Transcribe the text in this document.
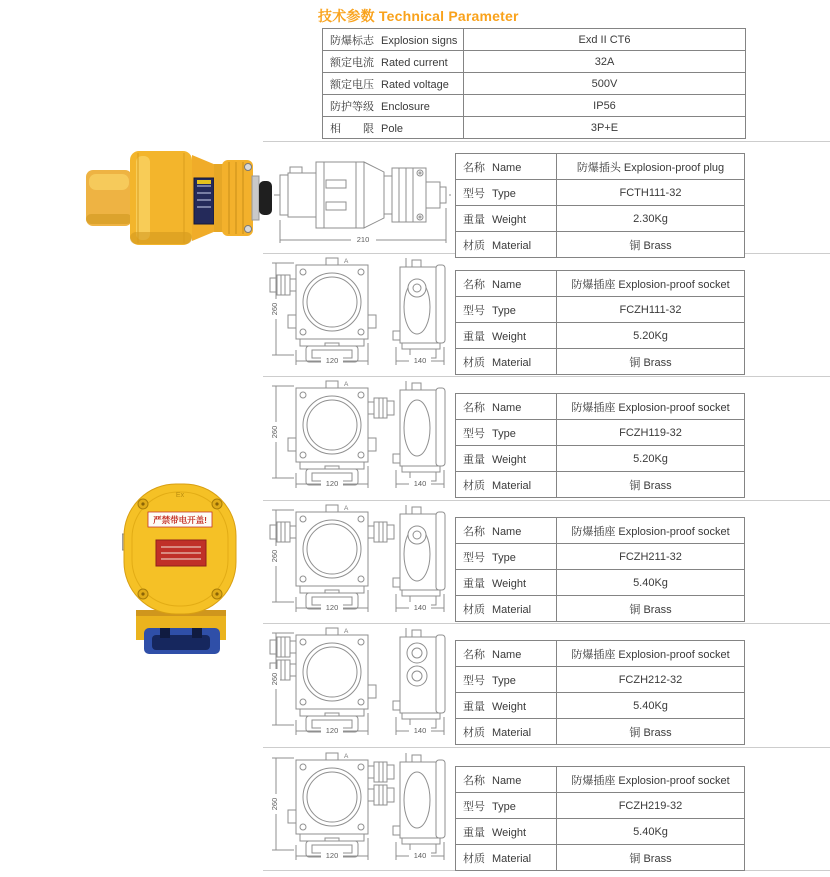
技术参数 Technical Parameter
防爆标志 Explosion signs	Exd II CT6
额定电流 Rated current	32A
额定电压 Rated voltage	500V
防护等级 Enclosure	IP56
相　　限 Pole	3P+E
Ex
严禁带电开盖!
210
名称 Name	防爆插头 Explosion-proof plug
型号 Type	FCTH111-32
重量 Weight	2.30Kg
材质 Material	铜 Brass
A
260
120	140
名称 Name	防爆插座 Explosion-proof socket
型号 Type	FCZH111-32
重量 Weight	5.20Kg
材质 Material	铜 Brass
A
260
120	140
名称 Name	防爆插座 Explosion-proof socket
型号 Type	FCZH119-32
重量 Weight	5.20Kg
材质 Material	铜 Brass
A
260
120	140
名称 Name	防爆插座 Explosion-proof socket
型号 Type	FCZH211-32
重量 Weight	5.40Kg
材质 Material	铜 Brass
A
260
120	140
名称 Name	防爆插座 Explosion-proof socket
型号 Type	FCZH212-32
重量 Weight	5.40Kg
材质 Material	铜 Brass
A
260
120	140
名称 Name	防爆插座 Explosion-proof socket
型号 Type	FCZH219-32
重量 Weight	5.40Kg
材质 Material	铜 Brass
